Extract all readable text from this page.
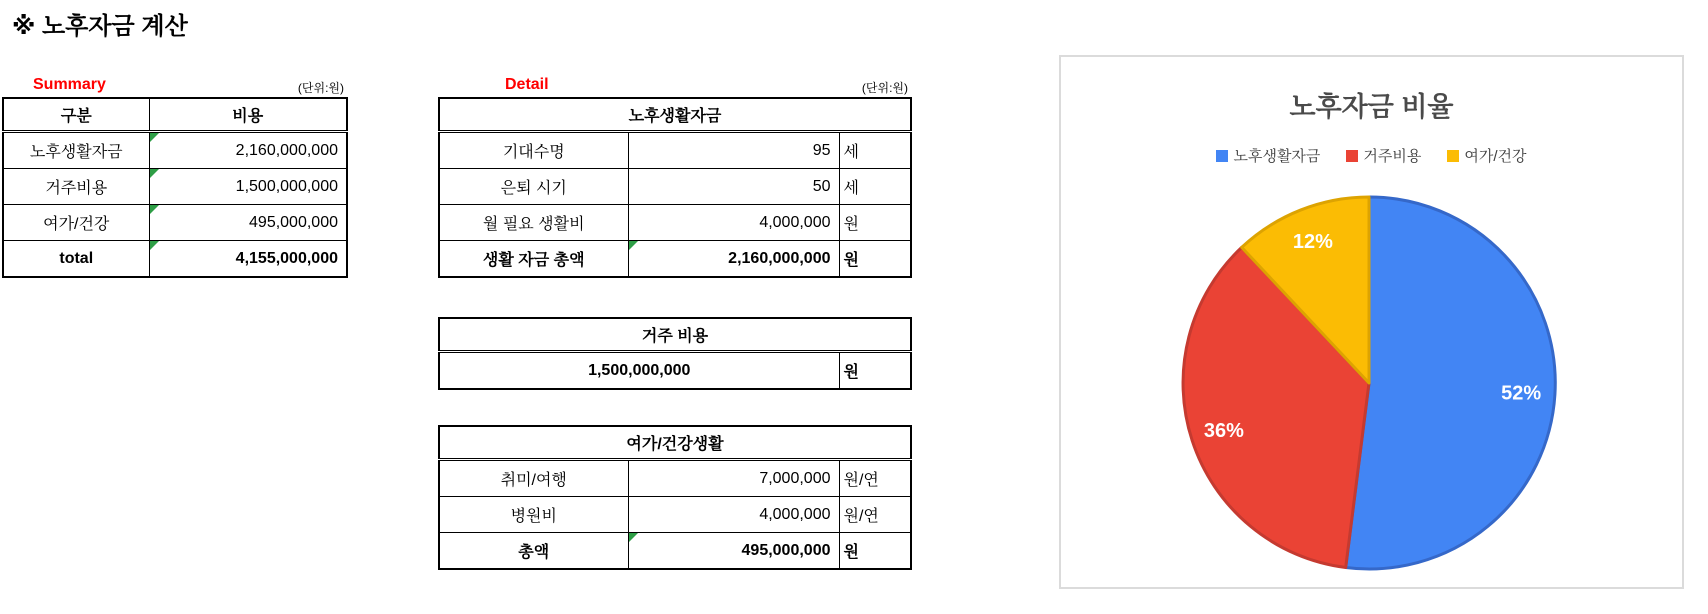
※ 노후자금 계산
Summary	(단위:원)
구분	비용
노후생활자금	2,160,000,000
거주비용	1,500,000,000
여가/건강	495,000,000
total	4,155,000,000
Detail	(단위:원)
노후생활자금		
기대수명	95	세
은퇴 시기	50	세
월 필요 생활비	4,000,000	원
생활 자금 총액	2,160,000,000	원
거주 비용
1,500,000,000	원
여가/건강생활		
취미/여행	7,000,000	원/연
병원비	4,000,000	원/연
총액	495,000,000	원
52%
36%
12%
노후자금 비율
노후생활자금	거주비용	여가/건강
